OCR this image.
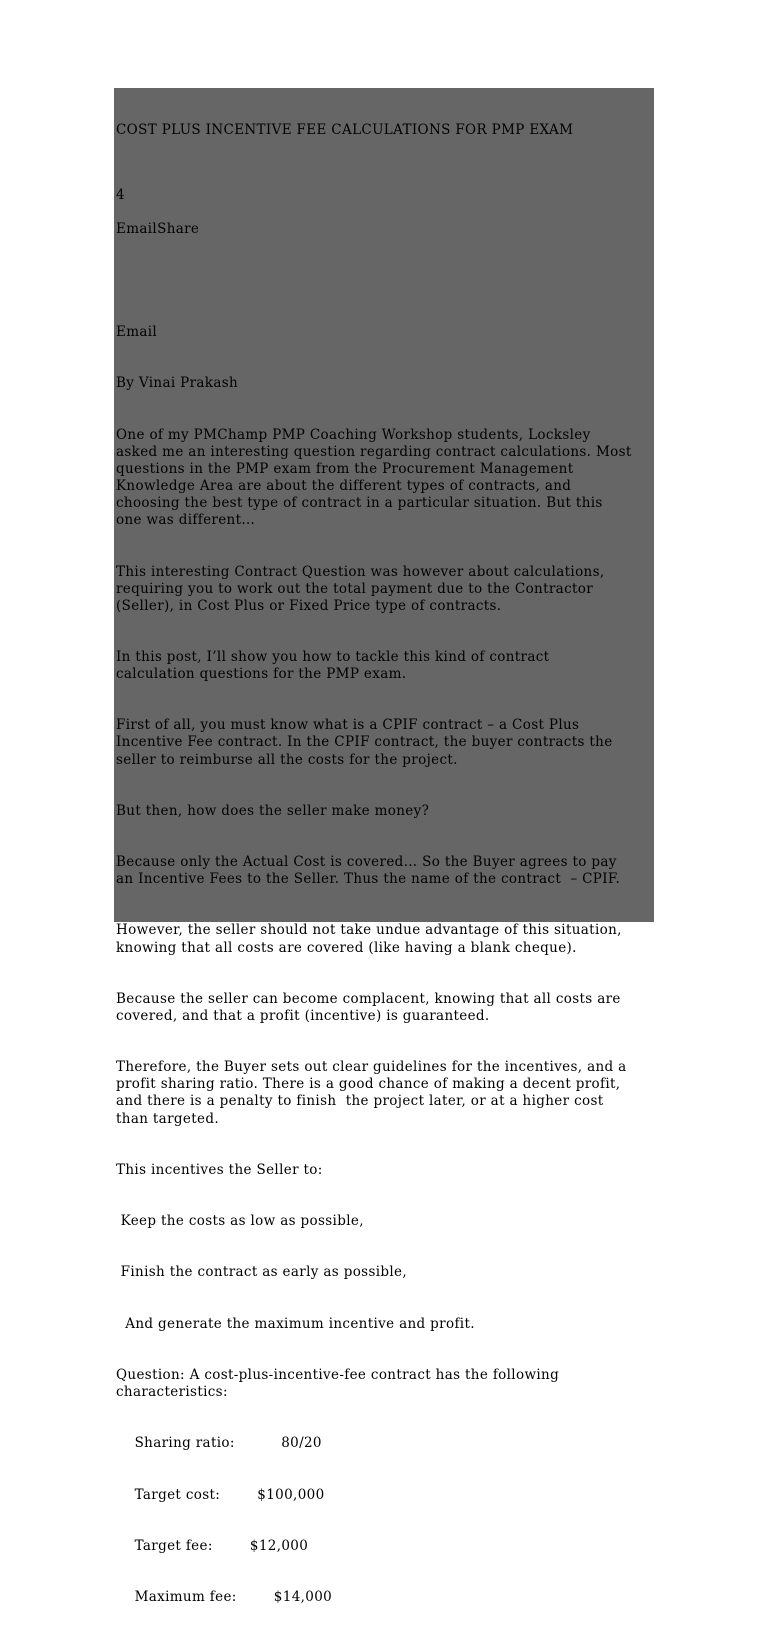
COST PLUS INCENTIVE FEE CALCULATIONS FOR PMP EXAM
4
EmailShare

Email

By Vinai Prakash

One of my PMChamp PMP Coaching Workshop students, Locksley
asked me an interesting question regarding contract calculations. Most
questions in the PMP exam from the Procurement Management
Knowledge Area are about the different types of contracts, and
choosing the best type of contract in a particular situation. But this
one was different…

This interesting Contract Question was however about calculations,
requiring you to work out the total payment due to the Contractor
(Seller), in Cost Plus or Fixed Price type of contracts.

In this post, I’ll show you how to tackle this kind of contract
calculation questions for the PMP exam.

First of all, you must know what is a CPIF contract – a Cost Plus
Incentive Fee contract. In the CPIF contract, the buyer contracts the
seller to reimburse all the costs for the project.

But then, how does the seller make money?

Because only the Actual Cost is covered… So the Buyer agrees to pay
an Incentive Fees to the Seller. Thus the name of the contract  – CPIF.

However, the seller should not take undue advantage of this situation,
knowing that all costs are covered (like having a blank cheque).

Because the seller can become complacent, knowing that all costs are
covered, and that a profit (incentive) is guaranteed.

Therefore, the Buyer sets out clear guidelines for the incentives, and a
profit sharing ratio. There is a good chance of making a decent profit,
and there is a penalty to finish  the project later, or at a higher cost
than targeted.

This incentives the Seller to:

Keep the costs as low as possible,

Finish the contract as early as possible,

And generate the maximum incentive and profit.

Question: A cost-plus-incentive-fee contract has the following
characteristics:

Sharing ratio:          80/20

Target cost:        $100,000

Target fee:        $12,000

Maximum fee:        $14,000
